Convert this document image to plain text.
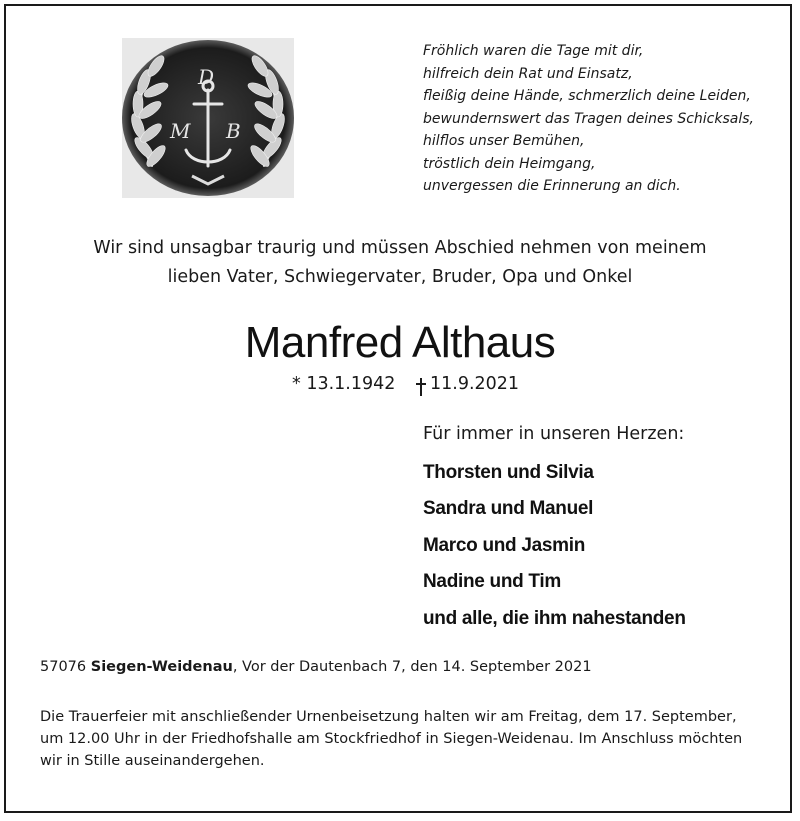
D
M B
Fröhlich waren die Tage mit dir,
hilfreich dein Rat und Einsatz,
fleißig deine Hände, schmerzlich deine Leiden,
bewundernswert das Tragen deines Schicksals,
hilflos unser Bemühen,
tröstlich dein Heimgang,
unvergessen die Erinnerung an dich.
Wir sind unsagbar traurig und müssen Abschied nehmen von meinem
lieben Vater, Schwiegervater, Bruder, Opa und Onkel
Manfred Althaus
* 13.1.1942	11.9.2021
Für immer in unseren Herzen:
Thorsten und Silvia
Sandra und Manuel
Marco und Jasmin
Nadine und Tim
und alle, die ihm nahestanden
57076 Siegen-Weidenau, Vor der Dautenbach 7, den 14. September 2021
Die Trauerfeier mit anschließender Urnenbeisetzung halten wir am Freitag, dem 17. September,
um 12.00 Uhr in der Friedhofshalle am Stockfriedhof in Siegen-Weidenau. Im Anschluss möchten
wir in Stille auseinandergehen.
